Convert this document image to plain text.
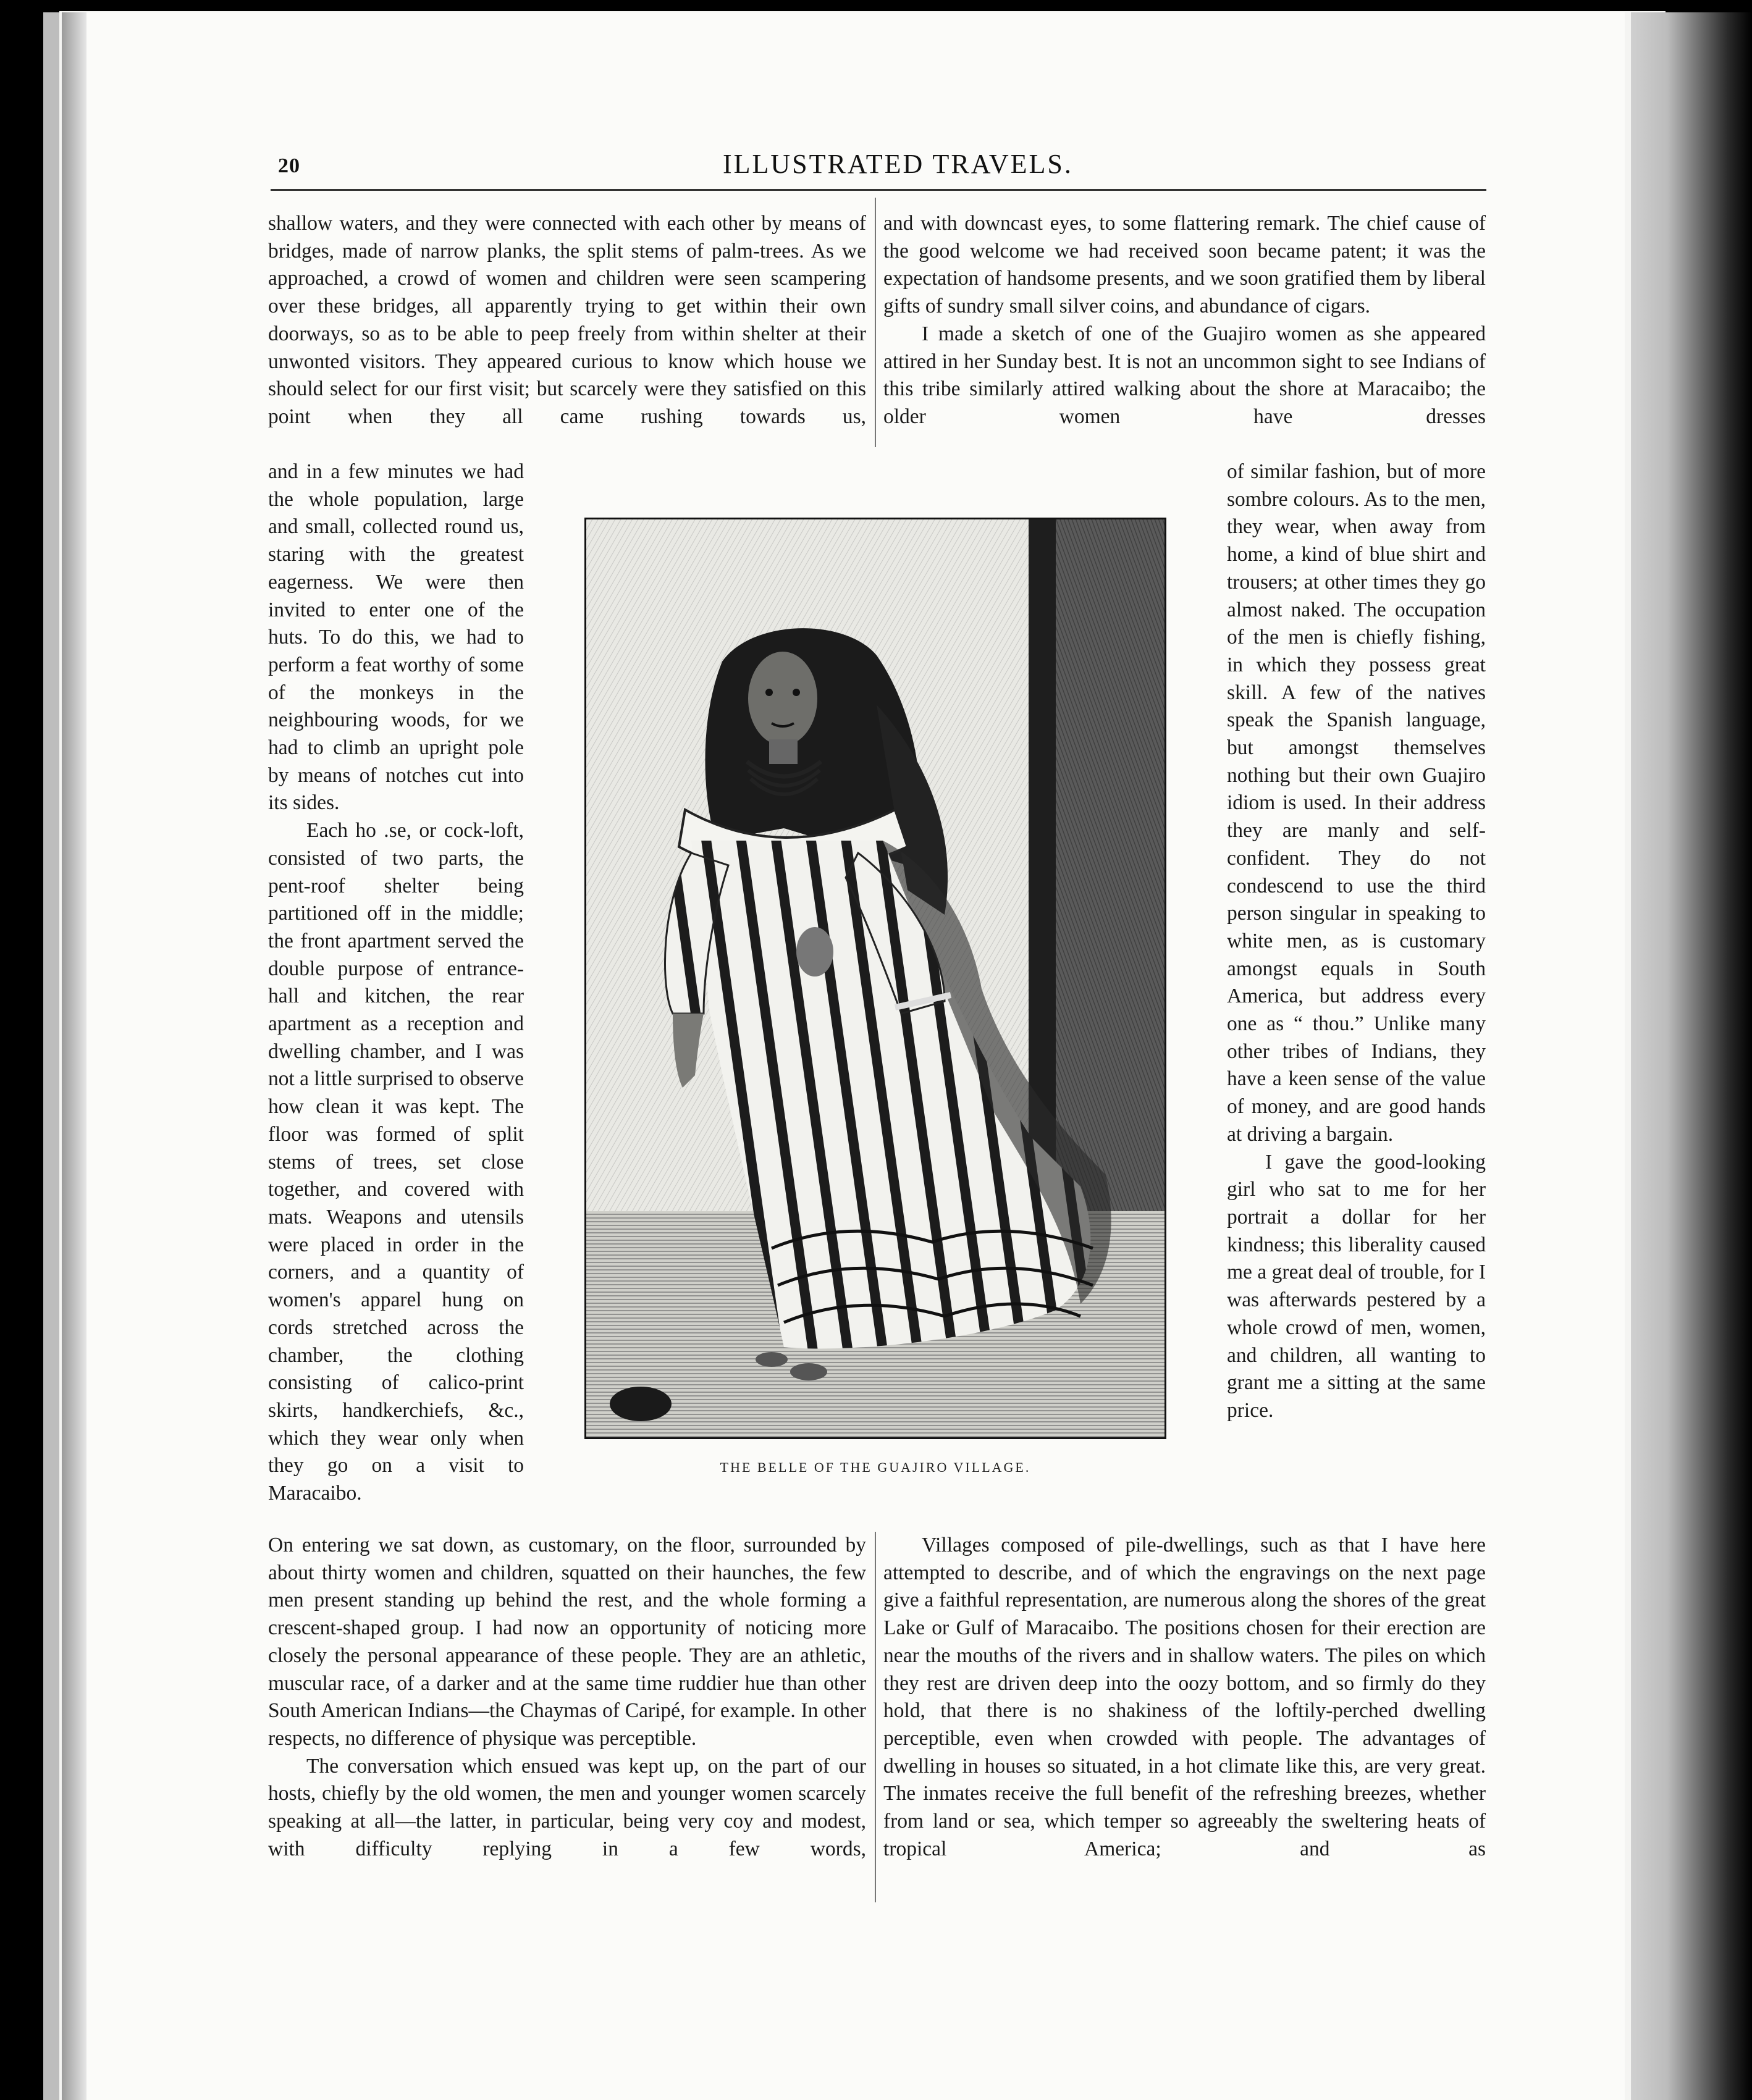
20	ILLUSTRATED TRAVELS.

shallow waters, and they were connected with each other by means of bridges, made of narrow planks, the split stems of palm-trees. As we approached, a crowd of women and children were seen scampering over these bridges, all apparently trying to get within their own doorways, so as to be able to peep freely from within shelter at their unwonted visitors. They appeared curious to know which house we should select for our first visit; but scarcely were they satisfied on this point when they all came rushing towards us,

and with downcast eyes, to some flattering remark. The chief cause of the good welcome we had received soon became patent; it was the expectation of handsome presents, and we soon gratified them by liberal gifts of sundry small silver coins, and abundance of cigars.

I made a sketch of one of the Guajiro women as she appeared attired in her Sunday best. It is not an uncommon sight to see Indians of this tribe similarly attired walking about the shore at Maracaibo; the older women have dresses

and in a few minutes we had the whole population, large and small, collected round us, staring with the greatest eagerness. We were then invited to enter one of the huts. To do this, we had to perform a feat worthy of some of the monkeys in the neighbouring woods, for we had to climb an upright pole by means of notches cut into its sides.

Each ho .se, or cock-loft, consisted of two parts, the pent-roof shelter being partitioned off in the middle; the front apartment served the double purpose of entrance-hall and kitchen, the rear apartment as a reception and dwelling chamber, and I was not a little surprised to observe how clean it was kept. The floor was formed of split stems of trees, set close together, and covered with mats. Weapons and utensils were placed in order in the corners, and a quantity of women's apparel hung on cords stretched across the chamber, the clothing consisting of calico-print skirts, handkerchiefs, &c., which they wear only when they go on a visit to Maracaibo.

of similar fashion, but of more sombre colours. As to the men, they wear, when away from home, a kind of blue shirt and trousers; at other times they go almost naked. The occupation of the men is chiefly fishing, in which they possess great skill. A few of the natives speak the Spanish language, but amongst themselves nothing but their own Guajiro idiom is used. In their address they are manly and self-confident. They do not condescend to use the third person singular in speaking to white men, as is customary amongst equals in South America, but address every one as “ thou.” Unlike many other tribes of Indians, they have a keen sense of the value of money, and are good hands at driving a bargain.

I gave the good-looking girl who sat to me for her portrait a dollar for her kindness; this liberality caused me a great deal of trouble, for I was afterwards pestered by a whole crowd of men, women, and children, all wanting to grant me a sitting at the same price.

THE BELLE OF THE GUAJIRO VILLAGE.

On entering we sat down, as customary, on the floor, surrounded by about thirty women and children, squatted on their haunches, the few men present standing up behind the rest, and the whole forming a crescent-shaped group. I had now an opportunity of noticing more closely the personal appearance of these people. They are an athletic, muscular race, of a darker and at the same time ruddier hue than other South American Indians—the Chaymas of Caripé, for example. In other respects, no difference of physique was perceptible.

The conversation which ensued was kept up, on the part of our hosts, chiefly by the old women, the men and younger women scarcely speaking at all—the latter, in particular, being very coy and modest, with difficulty replying in a few words,

Villages composed of pile-dwellings, such as that I have here attempted to describe, and of which the engravings on the next page give a faithful representation, are numerous along the shores of the great Lake or Gulf of Maracaibo. The positions chosen for their erection are near the mouths of the rivers and in shallow waters. The piles on which they rest are driven deep into the oozy bottom, and so firmly do they hold, that there is no shakiness of the loftily-perched dwelling perceptible, even when crowded with people. The advantages of dwelling in houses so situated, in a hot climate like this, are very great. The inmates receive the full benefit of the refreshing breezes, whether from land or sea, which temper so agreeably the sweltering heats of tropical America; and as
